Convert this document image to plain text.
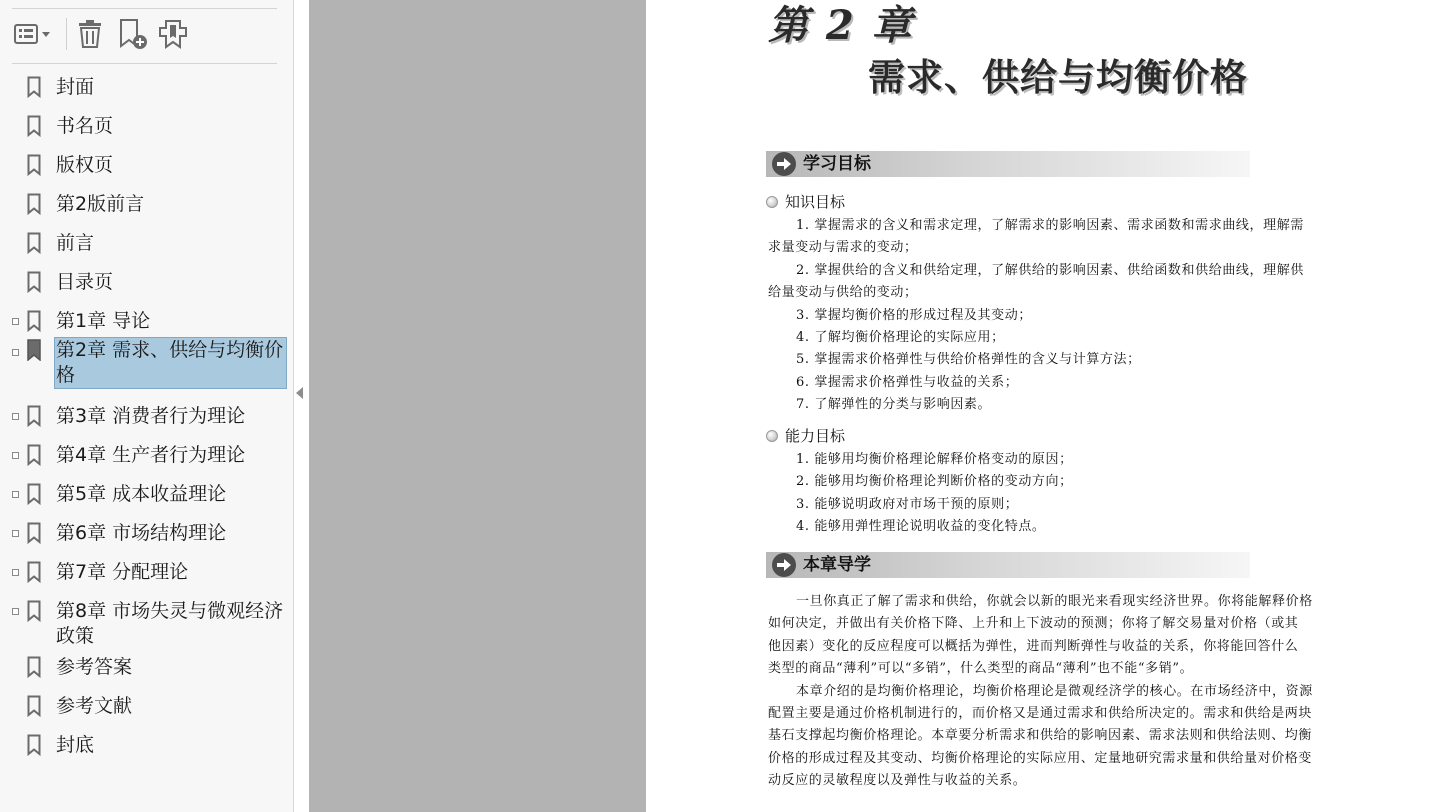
封面
书名页
版权页
第2版前言
前言
目录页
第1章 导论
第2章 需求、供给与均衡价格
第3章 消费者行为理论
第4章 生产者行为理论
第5章 成本收益理论
第6章 市场结构理论
第7章 分配理论
第8章 市场失灵与微观经济政策
参考答案
参考文献
封底
第 2 章
需求、供给与均衡价格
学习目标
知识目标
1. 掌握需求的含义和需求定理，了解需求的影响因素、需求函数和需求曲线，理解需
求量变动与需求的变动；
2. 掌握供给的含义和供给定理，了解供给的影响因素、供给函数和供给曲线，理解供
给量变动与供给的变动；
3. 掌握均衡价格的形成过程及其变动；
4. 了解均衡价格理论的实际应用；
5. 掌握需求价格弹性与供给价格弹性的含义与计算方法；
6. 掌握需求价格弹性与收益的关系；
7. 了解弹性的分类与影响因素。
能力目标
1. 能够用均衡价格理论解释价格变动的原因；
2. 能够用均衡价格理论判断价格的变动方向；
3. 能够说明政府对市场干预的原则；
4. 能够用弹性理论说明收益的变化特点。
本章导学
一旦你真正了解了需求和供给，你就会以新的眼光来看现实经济世界。你将能解释价格
如何决定，并做出有关价格下降、上升和上下波动的预测；你将了解交易量对价格（或其
他因素）变化的反应程度可以概括为弹性，进而判断弹性与收益的关系，你将能回答什么
类型的商品“薄利”可以“多销”，什么类型的商品“薄利”也不能“多销”。
本章介绍的是均衡价格理论，均衡价格理论是微观经济学的核心。在市场经济中，资源
配置主要是通过价格机制进行的，而价格又是通过需求和供给所决定的。需求和供给是两块
基石支撑起均衡价格理论。本章要分析需求和供给的影响因素、需求法则和供给法则、均衡
价格的形成过程及其变动、均衡价格理论的实际应用、定量地研究需求量和供给量对价格变
动反应的灵敏程度以及弹性与收益的关系。
